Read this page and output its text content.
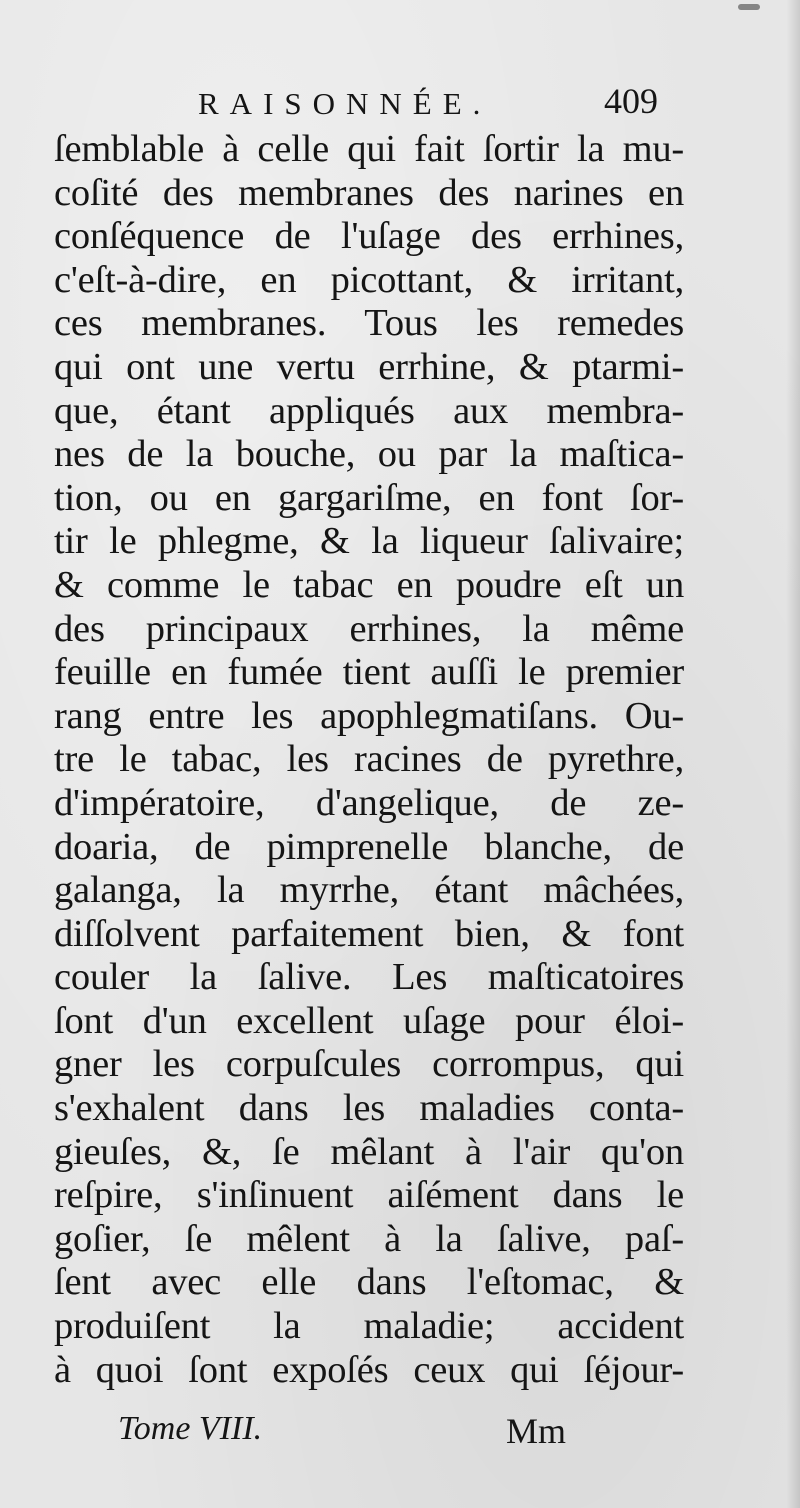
RAISONNÉE.	409
ſemblable à celle qui fait ſortir la mu-
coſité des membranes des narines en
conſéquence de l'uſage des errhines,
c'eſt-à-dire, en picottant, & irritant,
ces membranes. Tous les remedes
qui ont une vertu errhine, & ptarmi-
que, étant appliqués aux membra-
nes de la bouche, ou par la maſtica-
tion, ou en gargariſme, en font ſor-
tir le phlegme, & la liqueur ſalivaire;
& comme le tabac en poudre eſt un
des principaux errhines, la même
feuille en fumée tient auſſi le premier
rang entre les apophlegmatiſans. Ou-
tre le tabac, les racines de pyrethre,
d'impératoire, d'angelique, de ze-
doaria, de pimprenelle blanche, de
galanga, la myrrhe, étant mâchées,
diſſolvent parfaitement bien, & font
couler la ſalive. Les maſticatoires
ſont d'un excellent uſage pour éloi-
gner les corpuſcules corrompus, qui
s'exhalent dans les maladies conta-
gieuſes, &, ſe mêlant à l'air qu'on
reſpire, s'inſinuent aiſément dans le
goſier, ſe mêlent à la ſalive, paſ-
ſent avec elle dans l'eſtomac, &
produiſent la maladie; accident
à quoi ſont expoſés ceux qui ſéjour-
Tome VIII.	Mm
